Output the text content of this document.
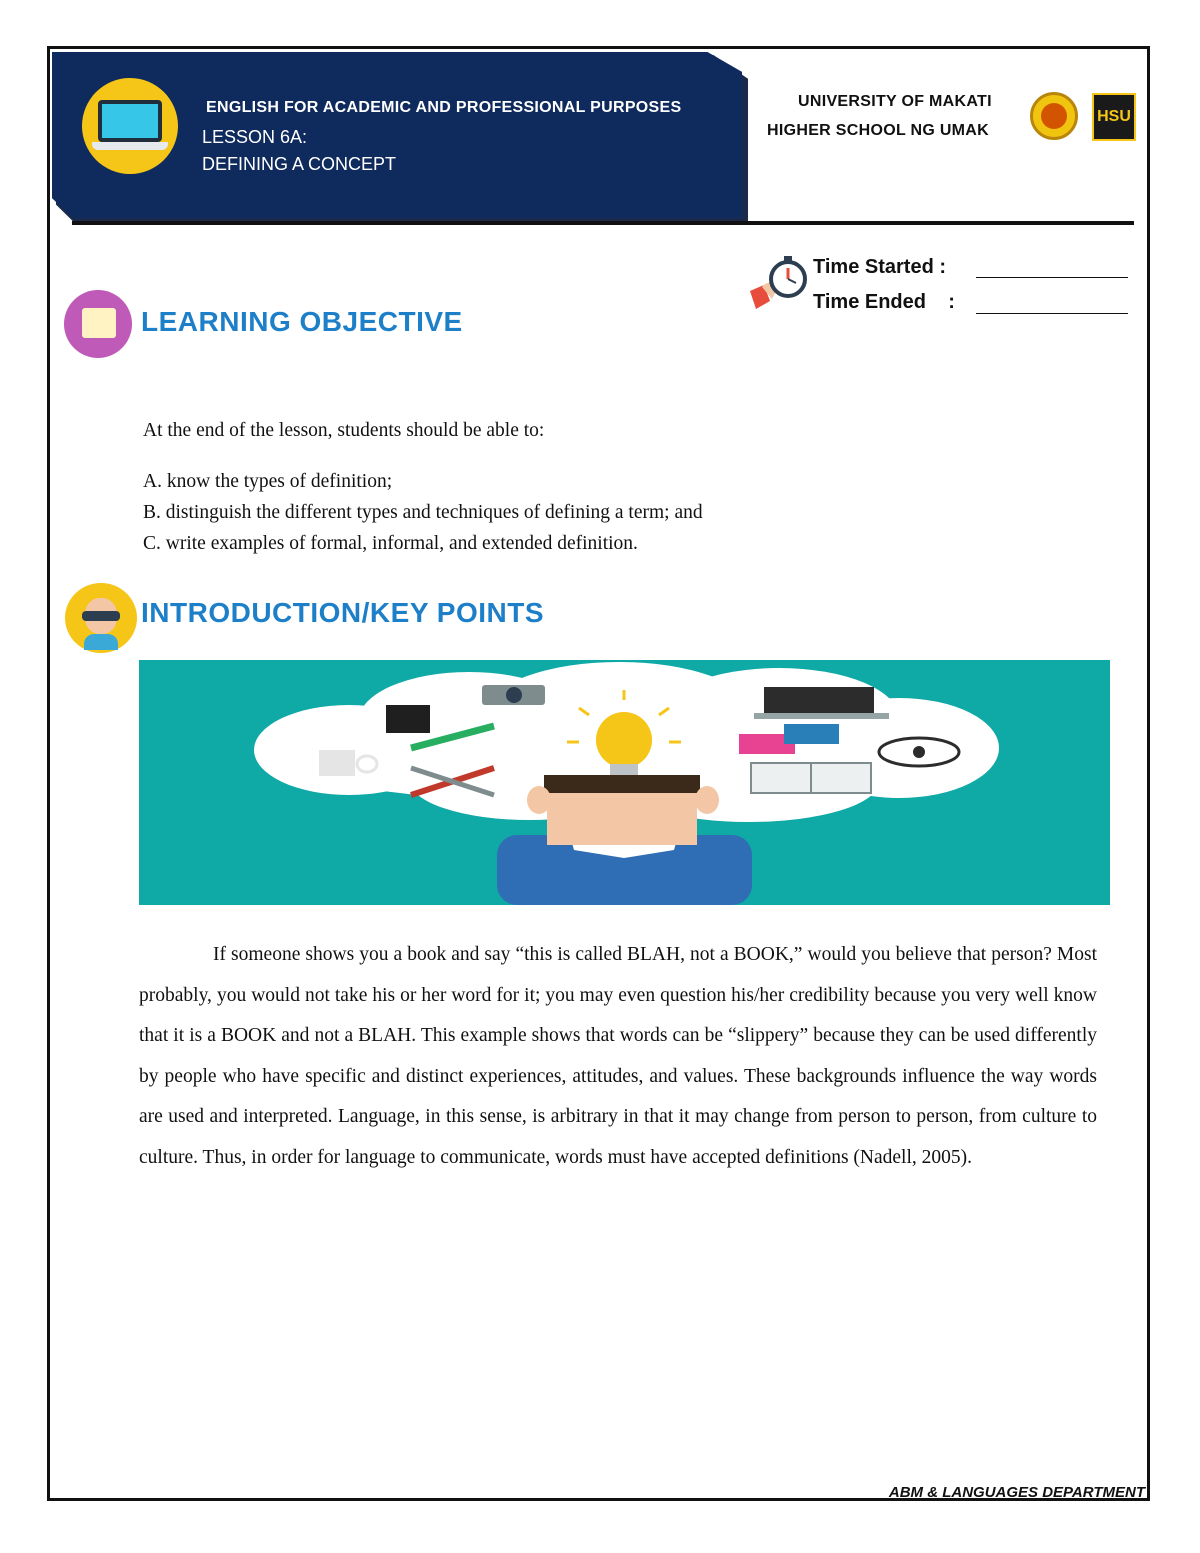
ENGLISH FOR ACADEMIC AND PROFESSIONAL PURPOSES
LESSON 6A:
DEFINING A CONCEPT
UNIVERSITY OF MAKATI
HIGHER SCHOOL NG UMAK
HSU
Time Started :
Time Ended    :
LEARNING OBJECTIVE
At the end of the lesson, students should be able to:
A. know the types of definition;
B. distinguish the different types and techniques of defining a term; and
C. write examples of formal, informal, and extended definition.
INTRODUCTION/KEY POINTS

If someone shows you a book and say “this is called BLAH, not a BOOK,” would you believe that person? Most probably, you would not take his or her word for it; you may even question his/her credibility because you very well know that it is a BOOK and not a BLAH. This example shows that words can be “slippery” because they can be used differently by people who have specific and distinct experiences, attitudes, and values. These backgrounds influence the way words are used and interpreted. Language, in this sense, is arbitrary in that it may change from person to person, from culture to culture. Thus, in order for language to communicate, words must have accepted definitions (Nadell, 2005).

ABM & LANGUAGES DEPARTMENT
